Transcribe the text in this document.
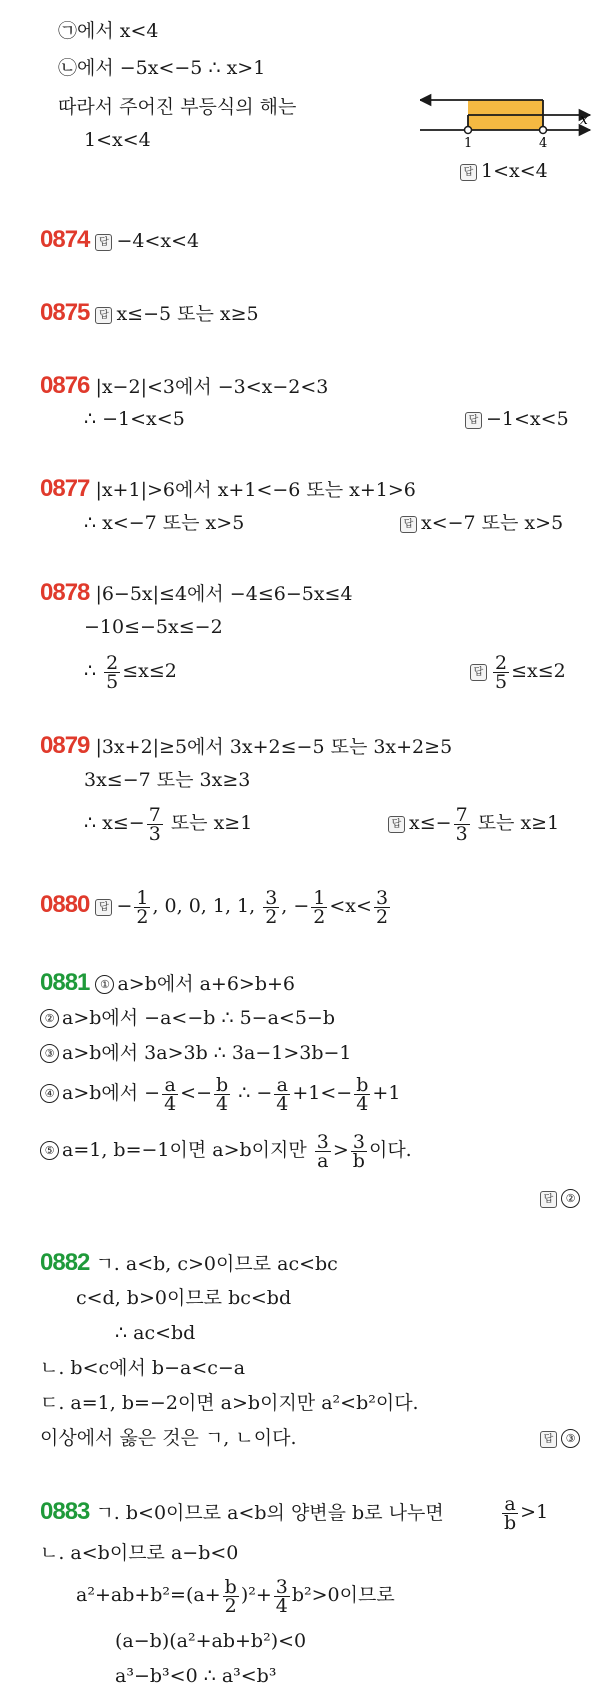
㉠에서 x<4
㉡에서 −5x<−5 ∴ x>1
따라서 주어진 부등식의 해는
1<x<4	1	4
x
답 1<x<4
0874 답 −4<x<4
0875 답 x≤−5 또는 x≥5
0876 |x−2|<3에서 −3<x−2<3
∴ −1<x<5	답 −1<x<5
0877 |x+1|>6에서 x+1<−6 또는 x+1>6
∴ x<−7 또는 x>5	답 x<−7 또는 x>5
0878 |6−5x|≤4에서 −4≤6−5x≤4
−10≤−5x≤−2
∴ $\frac{2}{5} \le x\le 2$	답 $\frac{2}{5} \le x\le 2$
0879 |3x+2|≥5에서 3x+2≤−5 또는 3x+2≥5
3x≤−7 또는 3x≥3
∴ $x\le- \frac{7}{3}$ 또는 x≥1	답 $x\le- \frac{7}{3}$ 또는 x≥1
0880 답 − $\frac{1}{2}$ , 0, 0, 1, 1, $\frac{3}{2}$ , − $\frac{1}{2} <x< \frac{3}{2}$
0881 ① a>b에서 a+6>b+6
② a>b에서 −a<−b ∴ 5−a<5−b
③ a>b에서 3a>3b ∴ 3a−1>3b−1
④ a>b에서 − $\frac{a}{4} <- \frac{b}{4}$ ∴ − $\frac{a}{4} +1<- \frac{b}{4} +1$
⑤ a=1, b=−1이면 a>b이지만 $\frac{3}{a} > \frac{3}{b}$ 이다.
답 ②
0882 ㄱ. a<b, c>0이므로 ac<bc
c<d, b>0이므로 bc<bd
∴ ac<bd
ㄴ. b<c에서 b−a<c−a
ㄷ. a=1, b=−2이면 a>b이지만 a²<b²이다.
이상에서 옳은 것은 ㄱ, ㄴ이다.	답 ③
0883 ㄱ. b<0이므로 a<b의 양변을 b로 나누면	$\frac{a}{b} >1$
ㄴ. a<b이므로 a−b<0
$a^2+ab+b^2=(a+ \frac{b}{2} )^2+ \frac{3}{4} b^2>0$이므로
(a−b)(a²+ab+b²)<0
a³−b³<0 ∴ a³<b³
